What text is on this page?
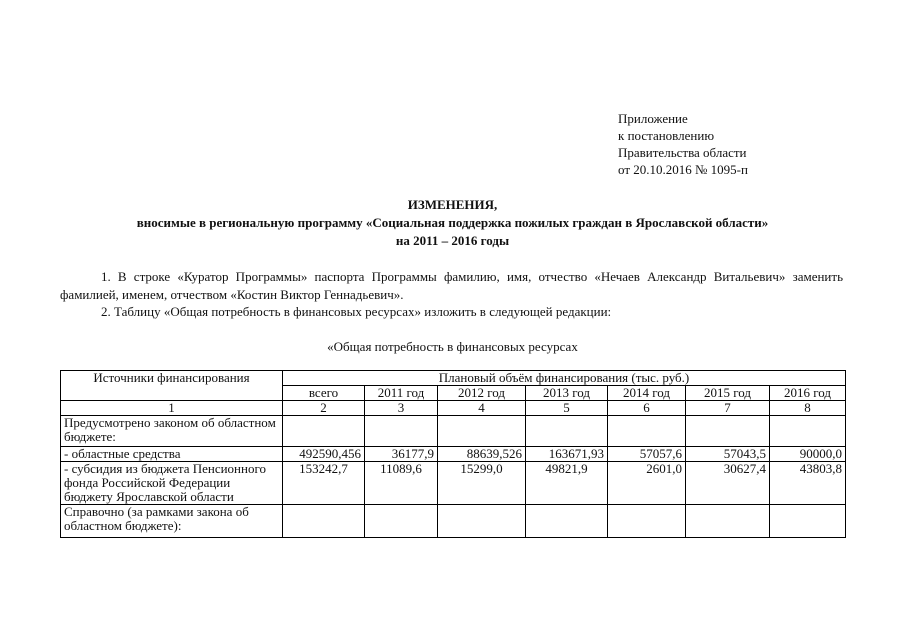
Приложение
к постановлению
Правительства области
от 20.10.2016 № 1095-п
ИЗМЕНЕНИЯ,
вносимые в региональную программу «Социальная поддержка пожилых граждан в Ярославской области»
на 2011 – 2016 годы
1. В строке «Куратор Программы» паспорта Программы фамилию, имя, отчество «Нечаев Александр Витальевич» заменить фамилией, именем, отчеством «Костин Виктор Геннадьевич».
2. Таблицу «Общая потребность в финансовых ресурсах» изложить в следующей редакции:
«Общая потребность в финансовых ресурсах
Источники финансирования	Плановый объём финансирования (тыс. руб.)						
	всего	2011 год	2012 год	2013 год	2014 год	2015 год	2016 год
1	2	3	4	5	6	7	8
Предусмотрено законом об областном бюджете:							
- областные средства	492590,456	36177,9	88639,526	163671,93	57057,6	57043,5	90000,0
- субсидия из бюджета Пенсионного фонда Российской Федерации бюджету Ярославской области	153242,7	11089,6	15299,0	49821,9	2601,0	30627,4	43803,8
Справочно (за рамками закона об областном бюджете):							
